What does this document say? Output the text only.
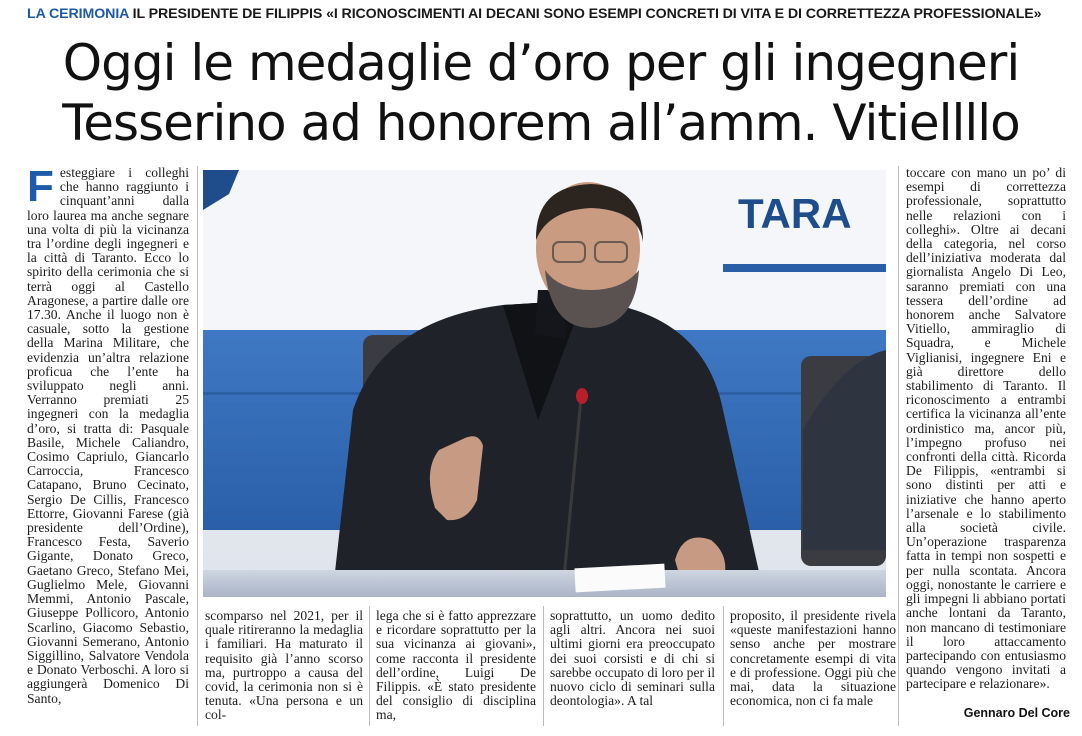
LA CERIMONIA IL PRESIDENTE DE FILIPPIS «I RICONOSCIMENTI AI DECANI SONO ESEMPI CONCRETI DI VITA E DI CORRETTEZZA PROFESSIONALE»
Oggi le medaglie d’oro per gli ingegneri
Tesserino ad honorem all’amm. Vitiellllo
F esteggiare i colleghi che hanno raggiunto i cinquant’anni dalla loro laurea ma anche segnare una volta di più la vicinanza tra l’ordine degli ingegneri e la città di Taranto. Ecco lo spirito della cerimonia che si terrà oggi al Castello Aragonese, a partire dalle ore 17.30. Anche il luogo non è casuale, sotto la gestione della Marina Militare, che evidenzia un’altra relazione proficua che l’ente ha sviluppato negli anni. Verranno premiati 25 ingegneri con la medaglia d’oro, si tratta di: Pasquale Basile, Michele Caliandro, Cosimo Capriulo, Giancarlo Carroccia, Francesco Catapano, Bruno Cecinato, Sergio De Cillis, Francesco Ettorre, Giovanni Farese (già presidente dell’Ordine), Francesco Festa, Saverio Gigante, Donato Greco, Gaetano Greco, Stefano Mei, Guglielmo Mele, Giovanni Memmi, Antonio Pascale, Giuseppe Pollicoro, Antonio Scarlino, Giacomo Sebastio, Giovanni Semerano, Antonio Siggillino, Salvatore Vendola e Donato Verboschi. A loro si aggiungerà Domenico Di Santo,
TARA
toccare con mano un po’ di esempi di correttezza professionale, soprattutto nelle relazioni con i colleghi». Oltre ai decani della categoria, nel corso dell’iniziativa moderata dal giornalista Angelo Di Leo, saranno premiati con una tessera dell’ordine ad honorem anche Salvatore Vitiello, ammiraglio di Squadra, e Michele Viglianisi, ingegnere Eni e già direttore dello stabilimento di Taranto. Il riconoscimento a entrambi certifica la vicinanza all’ente ordinistico ma, ancor più, l’impegno profuso nei confronti della città. Ricorda De Filippis, «entrambi si sono distinti per atti e iniziative che hanno aperto l’arsenale e lo stabilimento alla società civile. Un’operazione trasparenza fatta in tempi non sospetti e per nulla scontata. Ancora oggi, nonostante le carriere e gli impegni li abbiano portati anche lontani da Taranto, non mancano di testimoniare il loro attaccamento partecipando con entusiasmo quando vengono invitati a partecipare e relazionare».
scomparso nel 2021, per il quale ritireranno la medaglia i familiari. Ha maturato il requisito già l’anno scorso ma, purtroppo a causa del covid, la cerimonia non si è tenuta. «Una persona e un col-
lega che si è fatto apprezzare e ricordare soprattutto per la sua vicinanza ai giovani», come racconta il presidente dell’ordine, Luigi De Filippis. «È stato presidente del consiglio di disciplina ma,
soprattutto, un uomo dedito agli altri. Ancora nei suoi ultimi giorni era preoccupato dei suoi corsisti e di chi si sarebbe occupato di loro per il nuovo ciclo di seminari sulla deontologia». A tal
proposito, il presidente rivela «queste manifestazioni hanno senso anche per mostrare concretamente esempi di vita e di professione. Oggi più che mai, data la situazione economica, non ci fa male
Gennaro Del Core
